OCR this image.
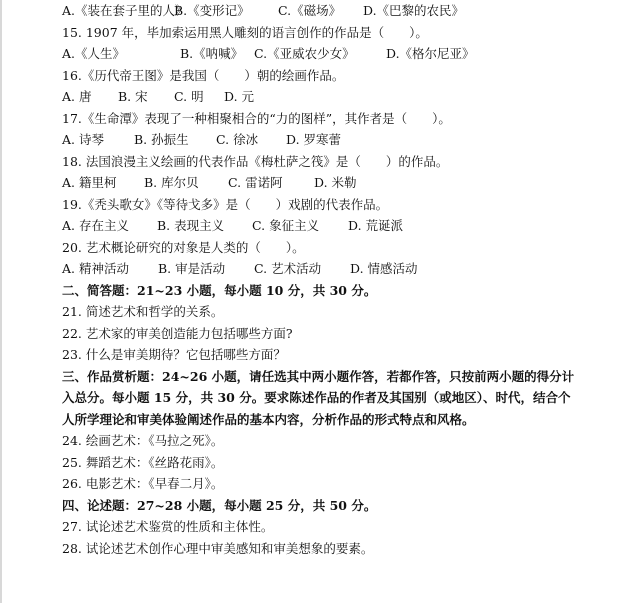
A.《装在套子里的人》
B.《变形记》	C.《磁场》	D.《巴黎的农民》
15. 1907 年，毕加索运用黑人雕刻的语言创作的作品是（　　）。
A.《人生》	B.《呐喊》 C.《亚威农少女》	D.《格尔尼亚》
16.《历代帝王图》是我国（　　）朝的绘画作品。
A. 唐	B. 宋	C. 明	D. 元
17.《生命潭》表现了一种相聚相合的“力的图样”，其作者是（　　）。
A. 诗琴	B. 孙振生	C. 徐冰	D. 罗寒蕾
18. 法国浪漫主义绘画的代表作品《梅杜萨之筏》是（　　）的作品。
A. 籍里柯	B. 库尔贝	C. 雷诺阿	D. 米勒
19.《秃头歌女》《等待戈多》是（　　）戏剧的代表作品。
A. 存在主义	B. 表现主义	C. 象征主义	D. 荒诞派
20. 艺术概论研究的对象是人类的（　　）。
A. 精神活动	B. 审是活动	C. 艺术活动	D. 情感活动
二、简答题：21~23 小题，每小题 10 分，共 30 分。
21. 简述艺术和哲学的关系。
22. 艺术家的审美创造能力包括哪些方面?
23. 什么是审美期待？它包括哪些方面？
三、作品赏析题：24~26 小题，请任选其中两小题作答，若都作答，只按前两小题的得分计入总分。每小题 15 分，共 30 分。要求陈述作品的作者及其国别（或地区）、时代，结合个人所学理论和审美体验阐述作品的基本内容，分析作品的形式特点和风格。
24. 绘画艺术：《马拉之死》。
25. 舞蹈艺术：《丝路花雨》。
26. 电影艺术：《早春二月》。
四、论述题：27~28 小题，每小题 25 分，共 50 分。
27. 试论述艺术鉴赏的性质和主体性。
28. 试论述艺术创作心理中审美感知和审美想象的要素。
